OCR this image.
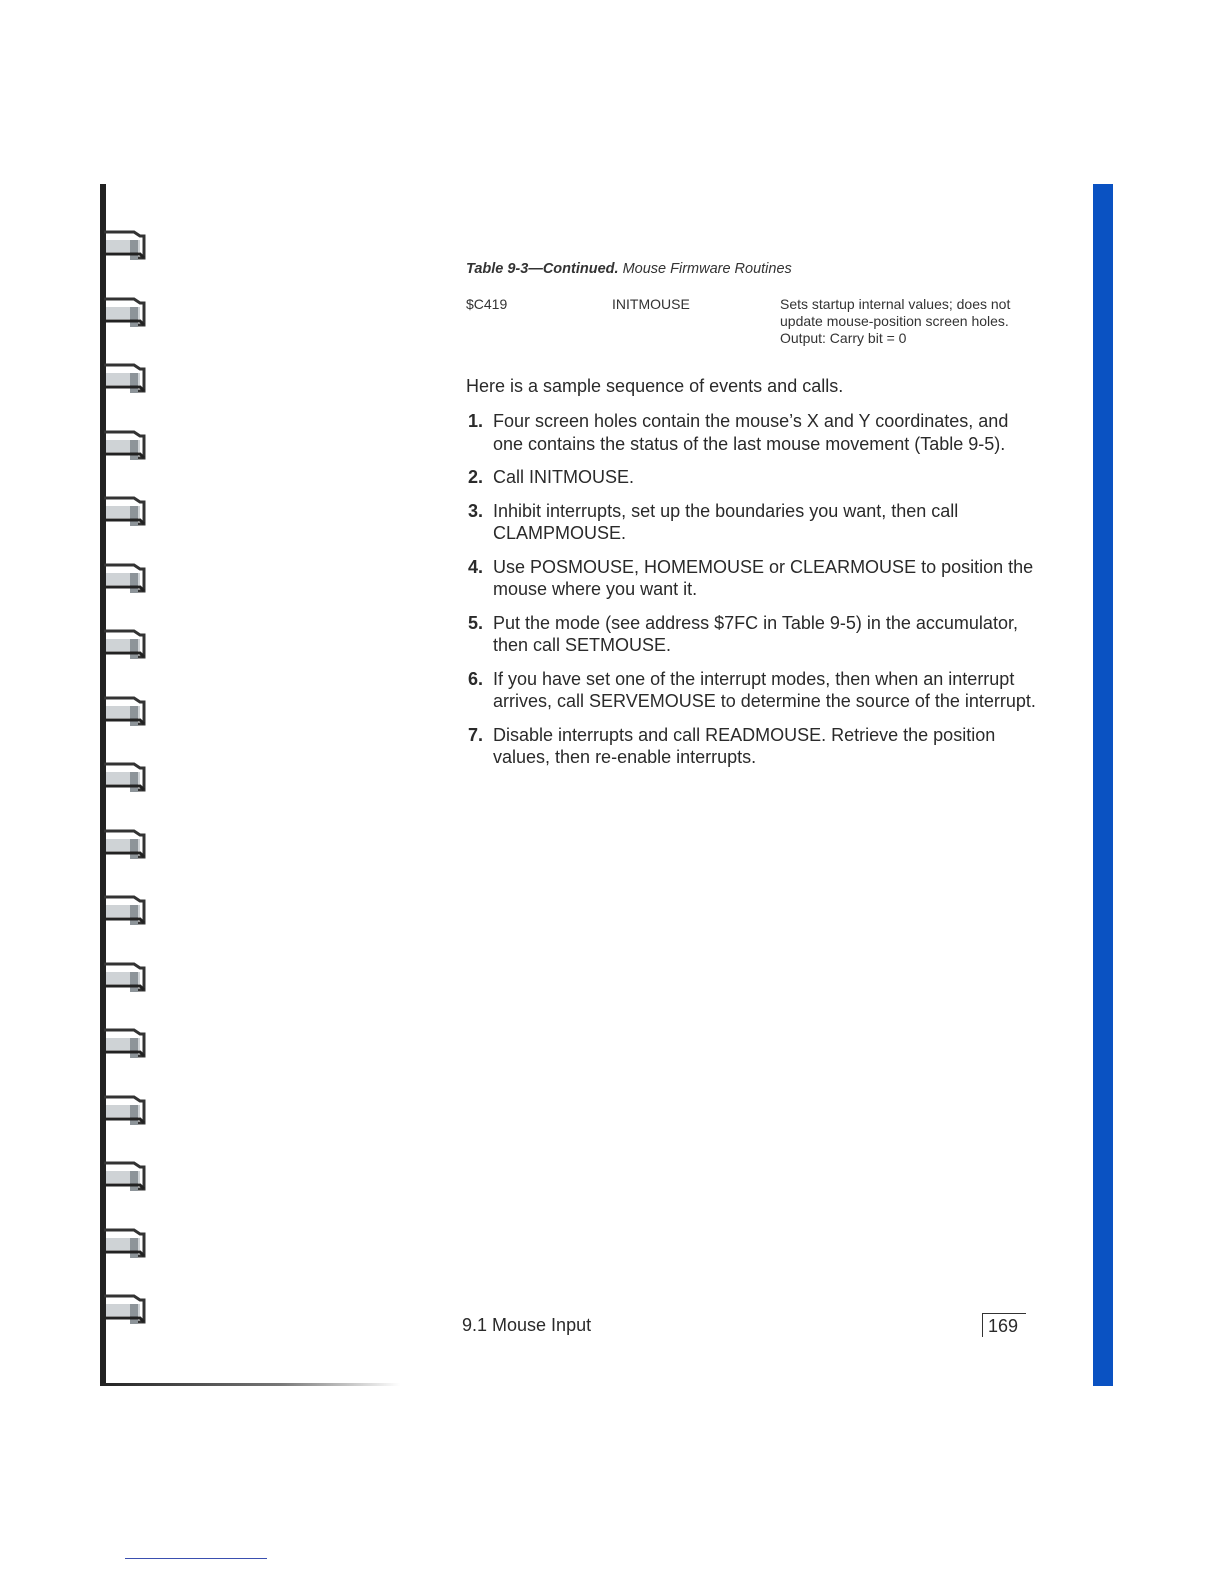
Table 9-3—Continued. Mouse Firmware Routines
$C419	INITMOUSE	Sets startup internal values; does not update mouse-position screen holes.
Output: Carry bit = 0
Here is a sample sequence of events and calls.
1. Four screen holes contain the mouse’s X and Y coordinates, and one contains the status of the last mouse movement (Table 9-5).
2. Call INITMOUSE.
3. Inhibit interrupts, set up the boundaries you want, then call CLAMPMOUSE.
4. Use POSMOUSE, HOMEMOUSE or CLEARMOUSE to position the mouse where you want it.
5. Put the mode (see address $7FC in Table 9-5) in the accumulator, then call SETMOUSE.
6. If you have set one of the interrupt modes, then when an interrupt arrives, call SERVEMOUSE to determine the source of the interrupt.
7. Disable interrupts and call READMOUSE. Retrieve the position values, then re-enable interrupts.
9.1 Mouse Input	169
